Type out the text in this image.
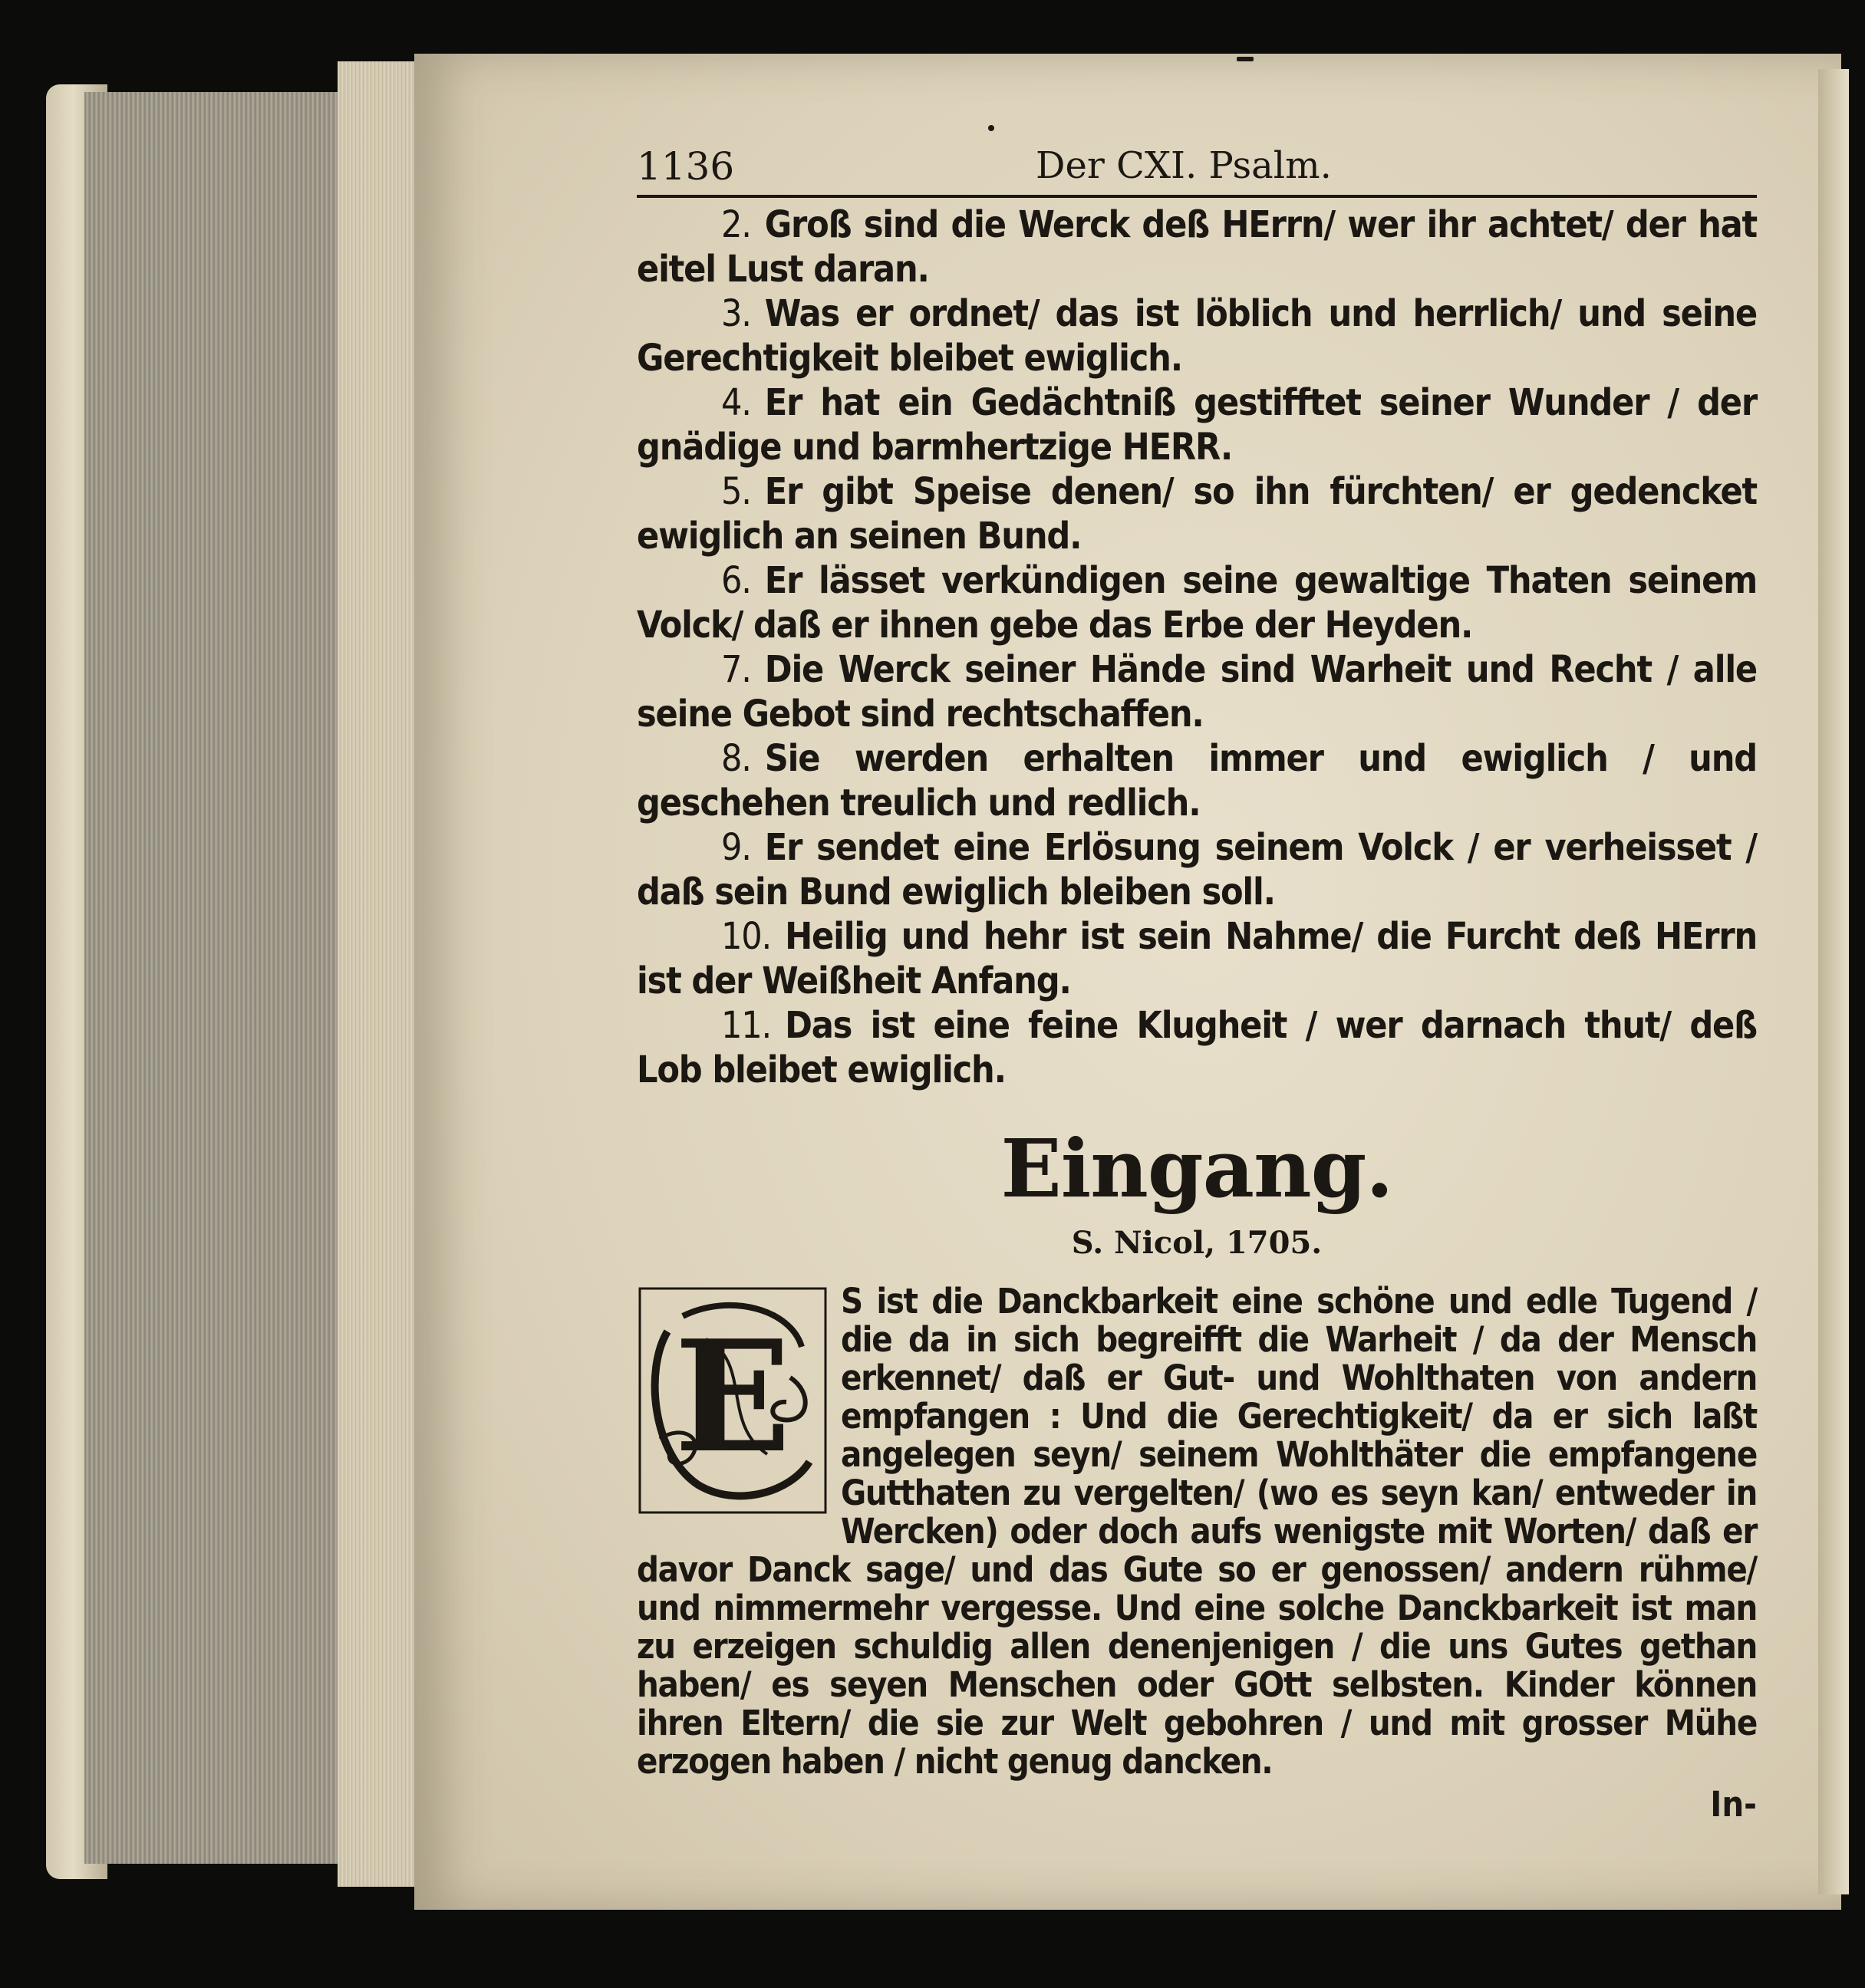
1136	Der CXI. Psalm.

2. Groß sind die Werck deß HErrn/ wer ihr achtet/ der hat eitel Lust daran.

3. Was er ordnet/ das ist löblich und herrlich/ und seine Gerechtigkeit bleibet ewiglich.

4. Er hat ein Gedächtniß gestifftet seiner Wunder / der gnädige und barmhertzige HERR.

5. Er gibt Speise denen/ so ihn fürchten/ er gedencket ewiglich an seinen Bund.

6. Er lässet verkündigen seine gewaltige Thaten seinem Volck/ daß er ihnen gebe das Erbe der Heyden.

7. Die Werck seiner Hände sind Warheit und Recht / alle seine Gebot sind rechtschaffen.

8. Sie werden erhalten immer und ewiglich / und geschehen treulich und redlich.

9. Er sendet eine Erlösung seinem Volck / er verheisset / daß sein Bund ewiglich bleiben soll.

10. Heilig und hehr ist sein Nahme/ die Furcht deß HErrn ist der Weißheit Anfang.

11. Das ist eine feine Klugheit / wer darnach thut/ deß Lob bleibet ewiglich.

Eingang.
S. Nicol, 1705.
E
S ist die Danckbarkeit eine schöne und edle Tugend / die da in sich begreifft die Warheit / da der Mensch erkennet/ daß er Gut- und Wohlthaten von andern empfangen : Und die Gerechtigkeit/ da er sich laßt angelegen seyn/ seinem Wohlthäter die empfangene Gutthaten zu vergelten/ (wo es seyn kan/ entweder in Wercken) oder doch aufs wenigste mit Worten/ daß er davor Danck sage/ und das Gute so er genossen/ andern rühme/ und nimmermehr vergesse. Und eine solche Danckbarkeit ist man zu erzeigen schuldig allen denenjenigen / die uns Gutes gethan haben/ es seyen Menschen oder GOtt selbsten. Kinder können ihren Eltern/ die sie zur Welt gebohren / und mit grosser Mühe erzogen haben / nicht genug dancken.
In-
